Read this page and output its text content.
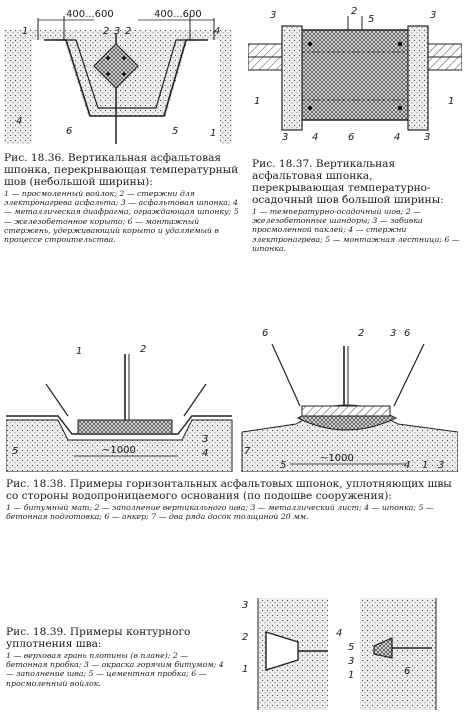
400...600	400...600
1	2 3 2	4
4
6	5	1
Рис. 18.36. Вертикальная асфальтовая шпонка, перекрывающая температурный шов (небольшой ширины):
1 — просмоленный войлок; 2 — стержни для электронагрева асфальта; 3 — асфальтовая шпонка; 4 — металлическая диафрагма, ограждающая шпонку; 5 — железобетонное корыто; 6 — монтажный стержень, удерживающий корыто и удаляемый в процессе строительства.
3	2	3
1	1
3 4	6	4 3
5
Рис. 18.37. Вертикальная асфальтовая шпонка, перекрывающая температурно-осадочный шов большой ширины:
1 — температурно-осадочный шов; 2 — железобетонные шандоры; 3 — забивка просмоленной паклей; 4 — стержни электронагрева; 5 — монтажная лестница; 6 — шпонка.
~1000
1	2
3
4
5
~1000
6	2	3 6
7
5	4 1 3
Рис. 18.38. Примеры горизонтальных асфальтовых шпонок, уплотняющих швы со стороны водопроницаемого основания (по подошве сооружения):
1 — битумный мат; 2 — заполнение вертикального шва; 3 — металлический лист; 4 — шпонка; 5 — бетонная подготовка; 6 — анкер; 7 — два ряда досок толщиной 20 мм.
3
2
1
4
5
3
1	6
Рис. 18.39. Примеры контурного уплотнения шва:
1 — верховая грань плотины (в плане); 2 — бетонная пробка; 3 — окраска горячим битумом; 4 — заполнение шва; 5 — цементная пробка; 6 — просмоленный войлок.
